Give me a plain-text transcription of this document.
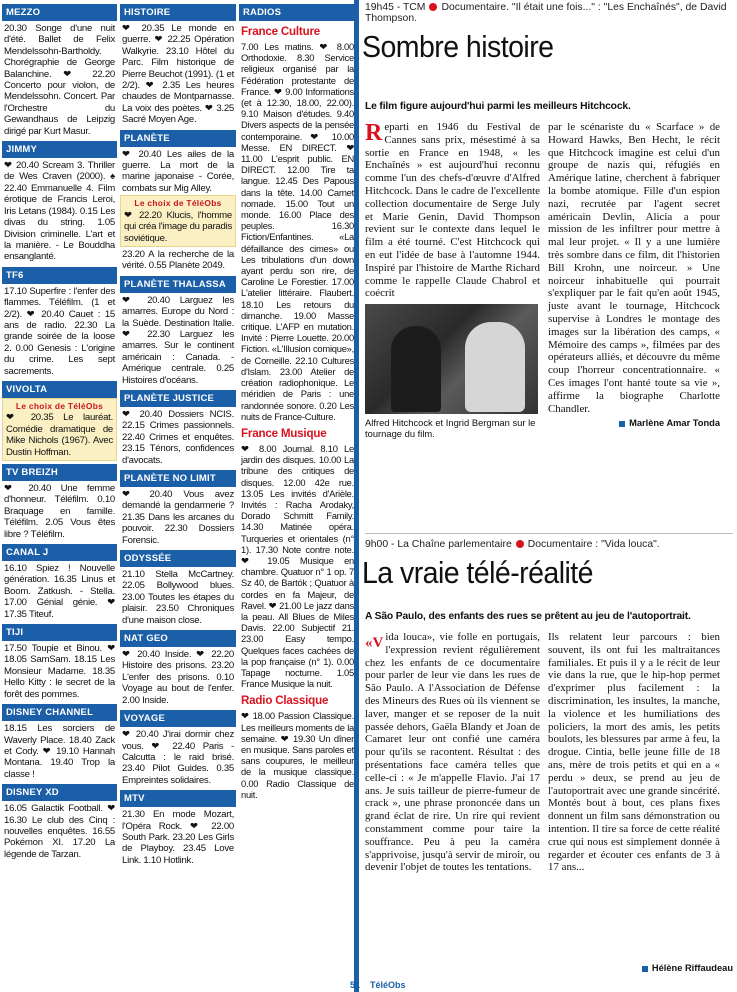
MEZZO
20.30 Songe d'une nuit d'été. Ballet de Felix Mendelssohn-Bartholdy. Chorégraphie de George Balanchine. ❤ 22.20 Concerto pour violon, de Mendelssohn. Concert. Par l'Orchestre du Gewandhaus de Leipzig dirigé par Kurt Masur.
JIMMY
❤ 20.40 Scream 3. Thriller de Wes Craven (2000). ♠ 22.40 Emmanuelle 4. Film érotique de Francis Leroi, Iris Letans (1984). 0.15 Les divas du string. 1.05 Division criminelle. L'art et la manière. - Le Bouddha ensanglanté.
TF6
17.10 Superfire : l'enfer des flammes. Téléfilm. (1 et 2/2). ❤ 20.40 Cauet : 15 ans de radio. 22.30 La grande soirée de la loose 2. 0.00 Genesis : L'origine du crime. Les sept sacrements.
VIVOLTA
Le choix de TéléObs
❤ 20.35 Le lauréat. Comédie dramatique de Mike Nichols (1967). Avec Dustin Hoffman.
TV BREIZH
❤ 20.40 Une femme d'honneur. Téléfilm. 0.10 Braquage en famille. Téléfilm. 2.05 Vous êtes libre ? Téléfilm.
CANAL J
16.10 Spiez ! Nouvelle génération. 16.35 Linus et Boom. Zatkush. - Stella. 17.00 Génial génie. ❤ 17.35 Titeuf.
TIJI
17.50 Toupie et Binou. ❤ 18.05 SamSam. 18.15 Les Monsieur Madame. 18.35 Hello Kitty : le secret de la forêt des pommes.
DISNEY CHANNEL
18.15 Les sorciers de Waverly Place. 18.40 Zack et Cody. ❤ 19.10 Hannah Montana. 19.40 Trop la classe !
DISNEY XD
16.05 Galactik Football. ❤ 16.30 Le club des Cinq : nouvelles enquêtes. 16.55 Pokémon XI. 17.20 La légende de Tarzan.
HISTOIRE
❤ 20.35 Le monde en guerre. ❤ 22.25 Opération Walkyrie. 23.10 Hôtel du Parc. Film historique de Pierre Beuchot (1991). (1 et 2/2). ❤ 2.35 Les heures chaudes de Montparnasse. La voix des poètes. ❤ 3.25 Sacré Moyen Age.
PLANÈTE
❤ 20.40 Les ailes de la guerre. La mort de la marine japonaise - Corée, combats sur Mig Alley.
Le choix de TéléObs
❤ 22.20 Klucis, l'homme qui créa l'image du paradis soviétique.
23.20 A la recherche de la vérité. 0.55 Planète 2049.
PLANÈTE THALASSA
❤ 20.40 Larguez les amarres. Europe du Nord : la Suède. Destination Italie. ❤ 22.30 Larguez les amarres. Sur le continent américain : Canada. - Amérique centrale. 0.25 Histoires d'océans.
PLANÈTE JUSTICE
❤ 20.40 Dossiers NCIS. 22.15 Crimes passionnels. 22.40 Crimes et enquêtes. 23.15 Ténors, confidences d'avocats.
PLANÈTE NO LIMIT
❤ 20.40 Vous avez demandé la gendarmerie ? 21.35 Dans les arcanes du pouvoir. 22.30 Dossiers Forensic.
ODYSSÉE
21.10 Stella McCartney. 22.05 Bollywood blues. 23.00 Toutes les étapes du plaisir. 23.50 Chroniques d'une maison close.
NAT GEO
❤ 20.40 Inside. ❤ 22.20 Histoire des prisons. 23.20 L'enfer des prisons. 0.10 Voyage au bout de l'enfer. 2.00 Inside.
VOYAGE
❤ 20.40 J'irai dormir chez vous. ❤ 22.40 Paris - Calcutta : le raid brisé. 23.40 Pilot Guides. 0.35 Empreintes solidaires.
MTV
21.30 En mode Mozart, l'Opéra Rock. ❤ 22.00 South Park. 23.20 Les Girls de Playboy. 23.45 Love Link. 1.10 Hotlink.
RADIOS
France Culture
7.00 Les matins. ❤ 8.00 Orthodoxie. 8.30 Service religieux organisé par la Fédération protestante de France. ❤ 9.00 Informations (et à 12.30, 18.00, 22.00). 9.10 Maison d'études. 9.40 Divers aspects de la pensée contemporaine. ❤ 10.00 Messe. EN DIRECT. ❤ 11.00 L'esprit public. EN DIRECT. 12.00 Tire ta langue. 12.45 Des Papous dans la tête. 14.00 Carnet nomade. 15.00 Tout un monde. 16.00 Place des peuples. 16.30 Fiction/Enfantines. «La défaillance des cimes» ou Les tribulations d'un down ayant perdu son rire, de Caroline Le Forestier. 17.00 L'atelier littéraire. Flaubert. 18.10 Les retours du dimanche. 19.00 Masse critique. L'AFP en mutation. Invité : Pierre Louette. 20.00 Fiction. «L'Illusion comique», de Corneille. 22.10 Cultures d'Islam. 23.00 Atelier de création radiophonique. Le méridien de Paris : une randonnée sonore. 0.20 Les nuits de France-Culture.
France Musique
❤ 8.00 Journal. 8.10 Le jardin des disques. 10.00 La tribune des critiques de disques. 12.00 42e rue. 13.05 Les invités d'Arièle. Invités : Racha Arodaky, Dorado Schmitt Family. 14.30 Matinée opéra. Turqueries et orientales (n° 1). 17.30 Note contre note. ❤ 19.05 Musique en chambre. Quatuor n° 1 op. 7 Sz 40, de Bartók ; Quatuor à cordes en fa Majeur, de Ravel. ❤ 21.00 Le jazz dans la peau. All Blues de Miles Davis. 22.00 Subjectif 21. 23.00 Easy tempo. Quelques faces cachées de la pop française (n° 1). 0.00 Tapage nocturne. 1.05 France Musique la nuit.
Radio Classique
❤ 18.00 Passion Classique. Les meilleurs moments de la semaine. ❤ 19.30 Un dîner en musique. Sans paroles et sans coupures, le meilleur de la musique classique. 0.00 Radio Classique de nuit.
19h45 - TCM Documentaire. "Il était une fois..." : "Les Enchaînés", de David Thompson.
Sombre histoire
Le film figure aujourd'hui parmi les meilleurs Hitchcock.
Reparti en 1946 du Festival de Cannes sans prix, mésestimé à sa sortie en France en 1948, « les Enchaînés » est aujourd'hui reconnu comme l'un des chefs-d'œuvre d'Alfred Hitchcock. Dans le cadre de l'excellente collection documentaire de Serge July et Marie Genin, David Thompson revient sur le contexte dans lequel le film a été tourné. C'est Hitchcock qui en eut l'idée de base à l'automne 1944. Inspiré par l'histoire de Marthe Richard comme le rappelle Claude Chabrol et coécrit
Alfred Hitchcock et Ingrid Bergman sur le tournage du film.
par le scénariste du « Scarface » de Howard Hawks, Ben Hecht, le récit que Hitchcock imagine est celui d'un groupe de nazis qui, réfugiés en Amérique latine, cherchent à fabriquer la bombe atomique. Fille d'un espion nazi, recrutée par l'agent secret américain Devlin, Alicia a pour mission de les infiltrer pour mettre à mal leur projet. « Il y a une lumière très sombre dans ce film, dit l'historien Bill Krohn, une noirceur. » Une noirceur inhabituelle qui pourrait s'expliquer par le fait qu'en août 1945, juste avant le tournage, Hitchcock supervise à Londres le montage des images sur la libération des camps, « Mémoire des camps », filmées par des opérateurs alliés, et découvre du même coup l'horreur concentrationnaire. « Ces images l'ont hanté toute sa vie », affirme la biographe Charlotte Chandler.
Marlène Amar Tonda
9h00 - La Chaîne parlementaire Documentaire : "Vida louca".
La vraie télé-réalité
A São Paulo, des enfants des rues se prêtent au jeu de l'autoportrait.
«V ida louca», vie folle en portugais, l'expression revient régulièrement chez les enfants de ce documentaire pour parler de leur vie dans les rues de São Paulo. A l'Association de Défense des Mineurs des Rues où ils viennent se laver, manger et se reposer de la nuit passée dehors, Gaëla Blandy et Joan de Camaret leur ont confié une caméra pour qu'ils se racontent. Résultat : des présentations face caméra telles que celle-ci : « Je m'appelle Flavio. J'ai 17 ans. Je suis tailleur de pierre-fumeur de crack », une phrase prononcée dans un grand éclat de rire. Un rire qui revient constamment comme pour taire la souffrance. Peu à peu la caméra s'apprivoise, jusqu'à servir de miroir, ou devenir l'objet de toutes les tentations.
Ils relatent leur parcours : bien souvent, ils ont fui les maltraitances familiales. Et puis il y a le récit de leur vie dans la rue, que le hip-hop permet d'exprimer plus facilement : la discrimination, les insultes, la manche, la violence et les humiliations des policiers, la mort des amis, les petits boulots, les blessures par arme à feu, la drogue. Cintia, belle jeune fille de 18 ans, mère de trois petits et qui en a « perdu » deux, se prend au jeu de l'autoportrait avec une grande sincérité. Montés bout à bout, ces plans fixes donnent un film sans démonstration ou intention. Il tire sa force de cette réalité crue qui nous est simplement donnée à regarder et écouter ces enfants de 3 à 17 ans...
Hélène Riffaudeau
51 TéléObs
